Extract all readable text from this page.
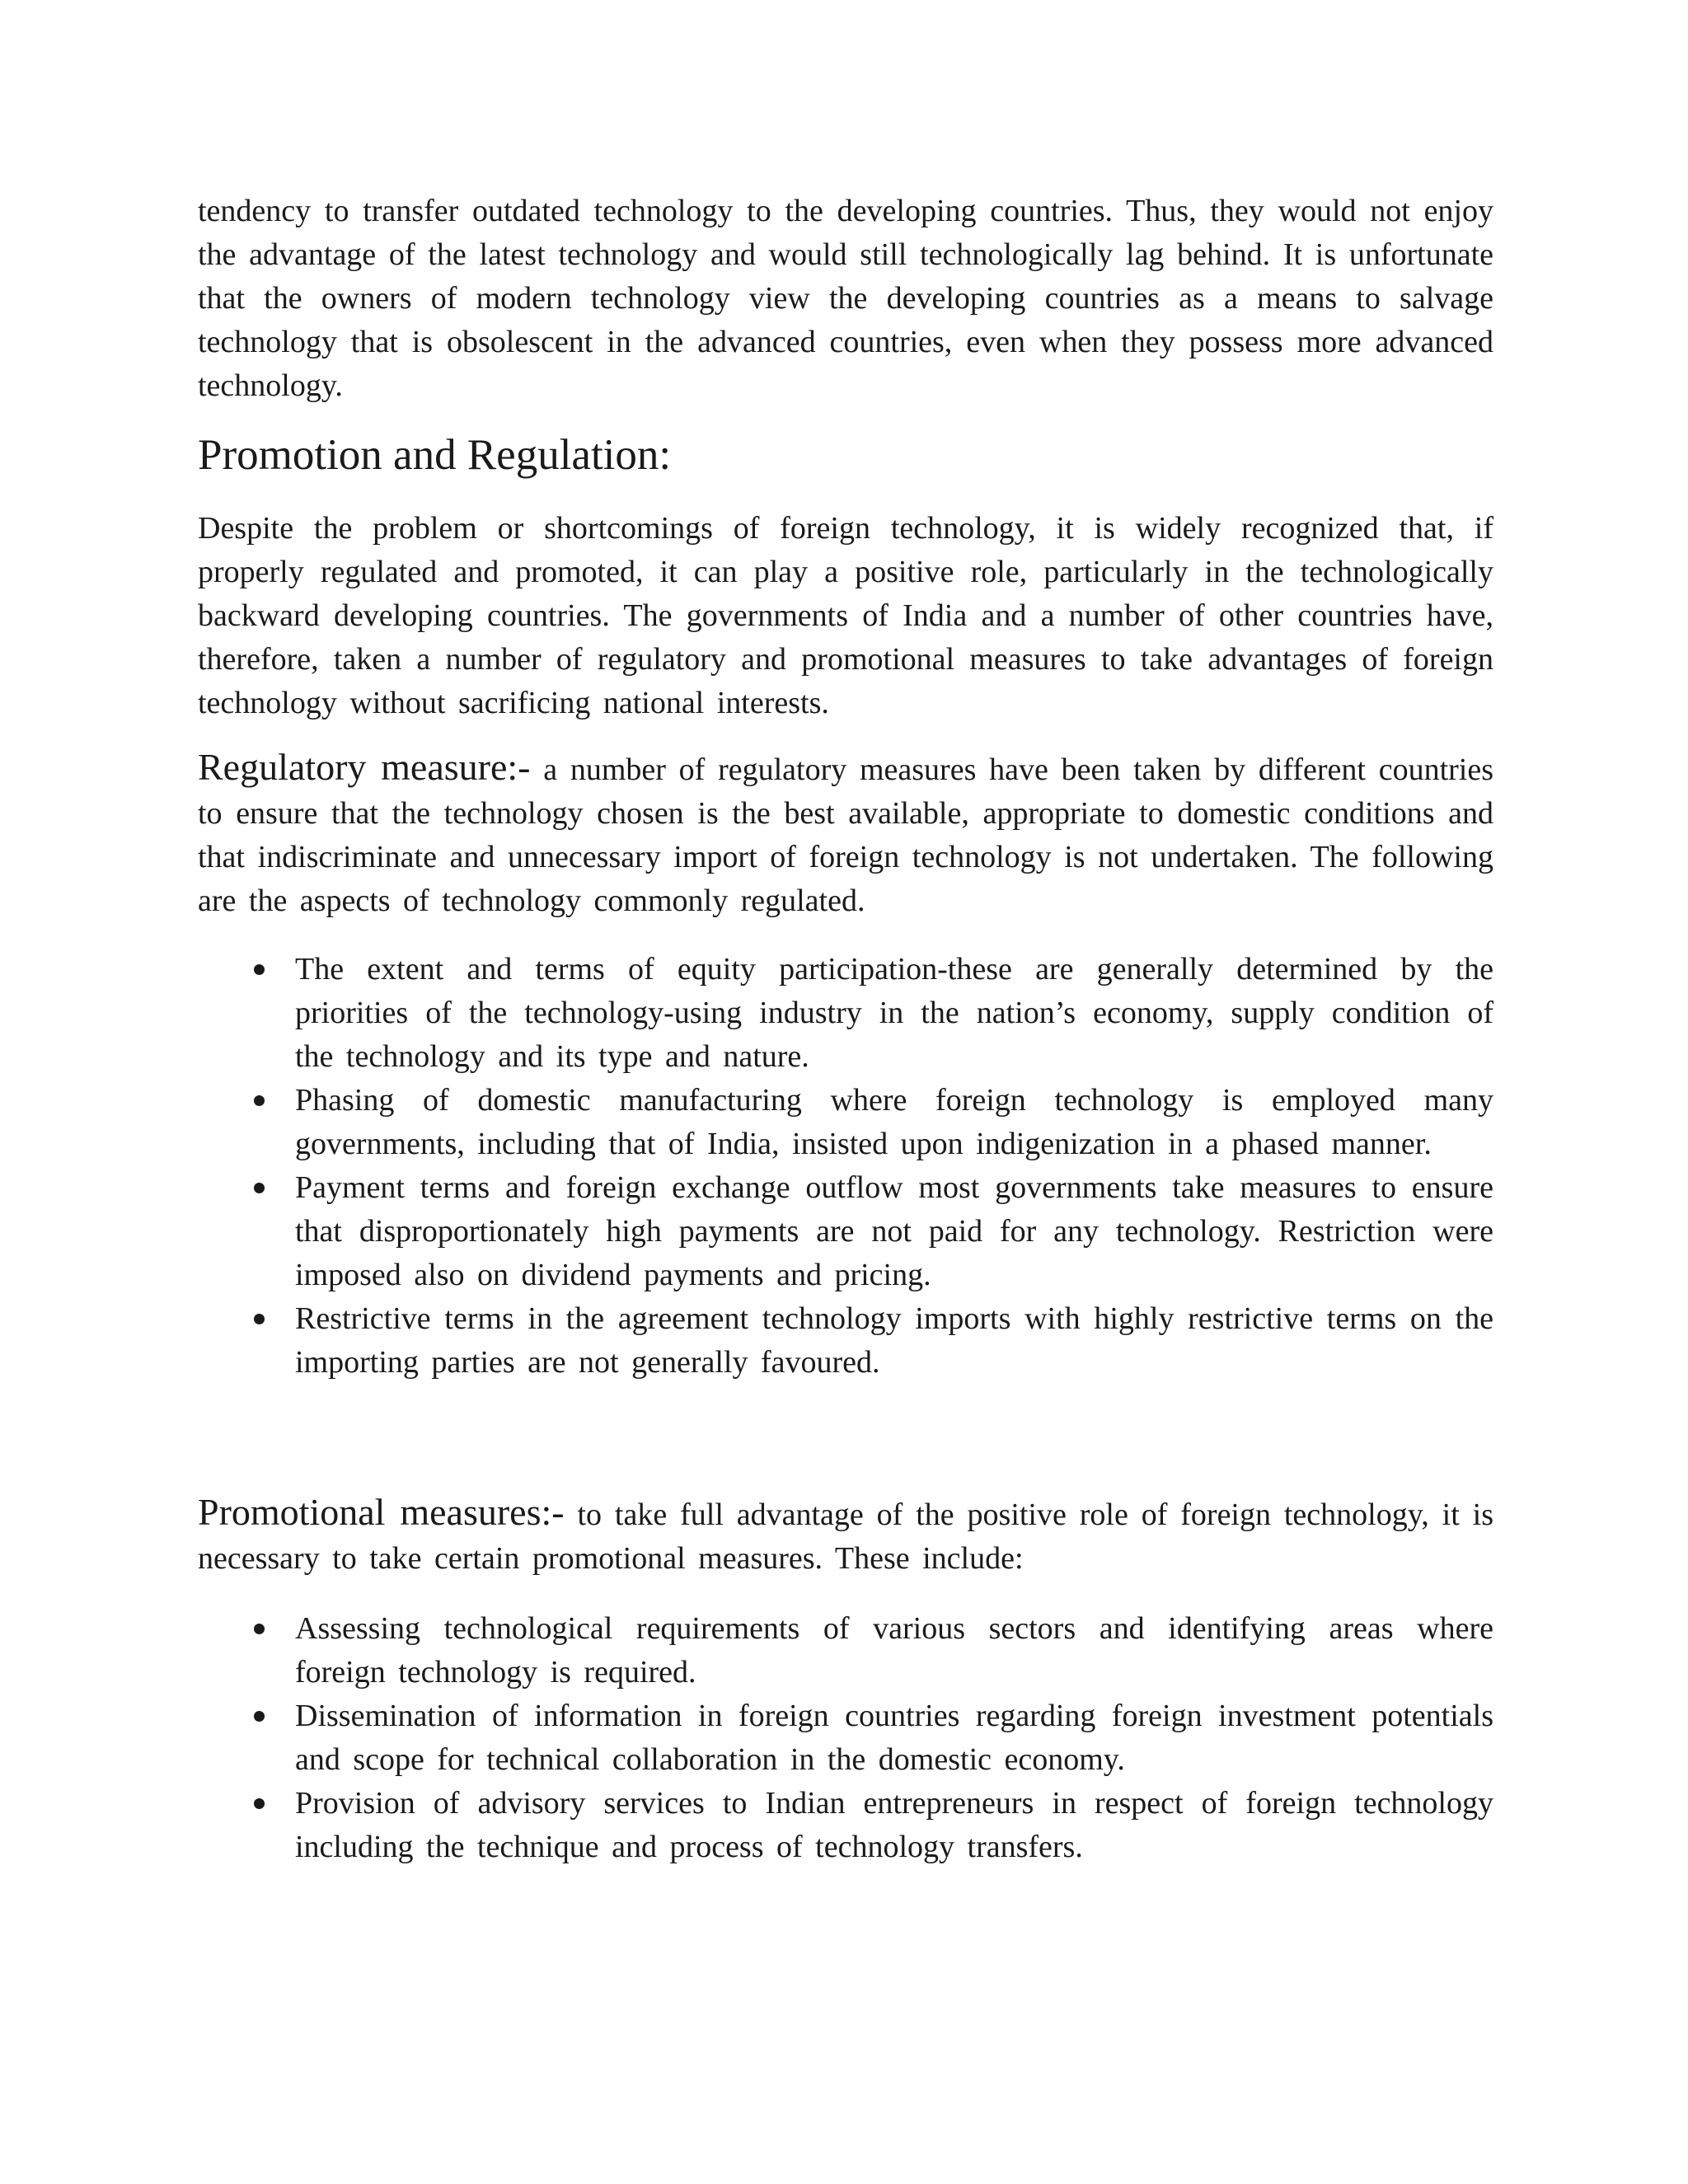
tendency to transfer outdated technology to the developing countries. Thus, they would not enjoy the advantage of the latest technology and would still technologically lag behind. It is unfortunate that the owners of modern technology view the developing countries as a means to salvage technology that is obsolescent in the advanced countries, even when they possess more advanced technology.

Promotion and Regulation:

Despite the problem or shortcomings of foreign technology, it is widely recognized that, if properly regulated and promoted, it can play a positive role, particularly in the technologically backward developing countries. The governments of India and a number of other countries have, therefore, taken a number of regulatory and promotional measures to take advantages of foreign technology without sacrificing national interests.

Regulatory measure:- a number of regulatory measures have been taken by different countries to ensure that the technology chosen is the best available, appropriate to domestic conditions and that indiscriminate and unnecessary import of foreign technology is not undertaken. The following are the aspects of technology commonly regulated.

The extent and terms of equity participation-these are generally determined by the priorities of the technology-using industry in the nation’s economy, supply condition of the technology and its type and nature.
Phasing of domestic manufacturing where foreign technology is employed many governments, including that of India, insisted upon indigenization in a phased manner.
Payment terms and foreign exchange outflow most governments take measures to ensure that disproportionately high payments are not paid for any technology. Restriction were imposed also on dividend payments and pricing.
Restrictive terms in the agreement technology imports with highly restrictive terms on the importing parties are not generally favoured.

Promotional measures:- to take full advantage of the positive role of foreign technology, it is necessary to take certain promotional measures. These include:

Assessing technological requirements of various sectors and identifying areas where foreign technology is required.
Dissemination of information in foreign countries regarding foreign investment potentials and scope for technical collaboration in the domestic economy.
Provision of advisory services to Indian entrepreneurs in respect of foreign technology including the technique and process of technology transfers.
